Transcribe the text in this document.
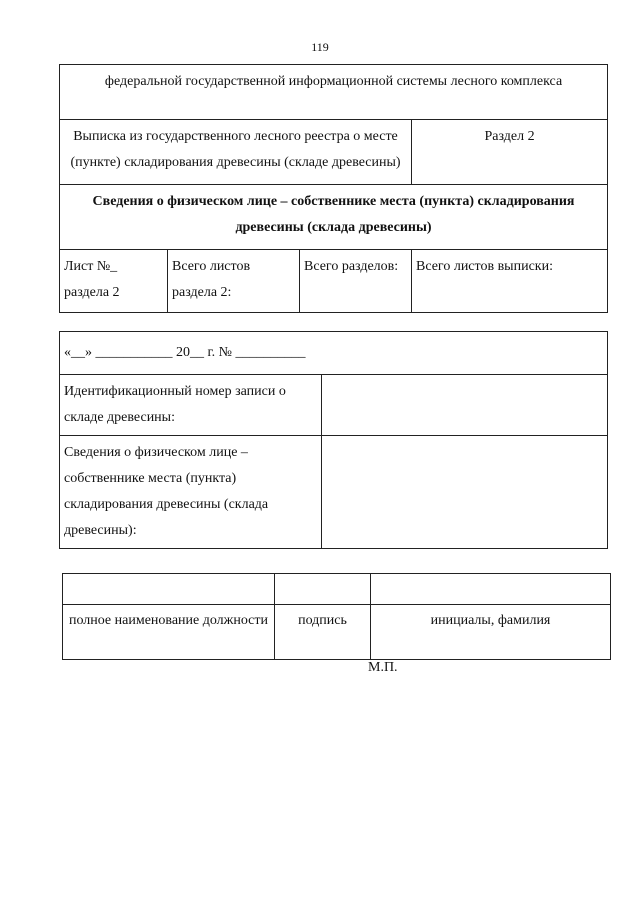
119
федеральной государственной информационной системы лесного комплекса			
Выписка из государственного лесного реестра о месте (пункте) складирования древесины (складе древесины)			Раздел 2
Сведения о физическом лице – собственнике места (пункта) складирования древесины (склада древесины)			
Лист №_ раздела 2	Всего листов раздела 2:	Всего разделов:	Всего листов выписки:
«__» ___________ 20__ г. № __________	
Идентификационный номер записи о складе древесины:	
Сведения о физическом лице – собственнике места (пункта) складирования древесины (склада древесины):	

полное наименование должности	подпись	инициалы, фамилия
М.П.
